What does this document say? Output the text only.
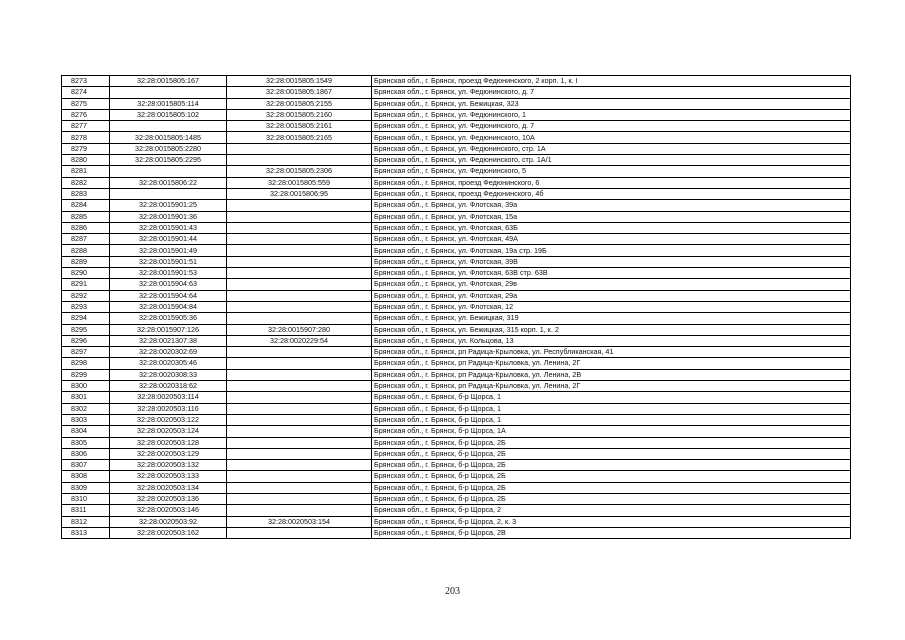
8273	32:28:0015805:167	32:28:0015805:1549	Брянская обл., г. Брянск, проезд Федюнинского, 2 корп. 1, к. I
8274		32:28:0015805:1867	Брянская обл., г. Брянск, ул. Федюнинского, д. 7
8275	32:28:0015805:114	32:28:0015805:2155	Брянская обл., г. Брянск, ул. Бежицкая, 323
8276	32:28:0015805:102	32:28:0015805:2160	Брянская обл., г. Брянск, ул. Федюнинского, 1
8277		32:28:0015805:2161	Брянская обл., г. Брянск, ул. Федюнинского, д. 7
8278	32:28:0015805:1485	32:28:0015805:2165	Брянская обл., г. Брянск, ул. Федюнинского, 10А
8279	32:28:0015805:2280		Брянская обл., г. Брянск, ул. Федюнинского, стр. 1А
8280	32:28:0015805:2295		Брянская обл., г. Брянск, ул. Федюнинского, стр. 1А/1
8281		32:28:0015805:2306	Брянская обл., г. Брянск, ул. Федюнинского, 5
8282	32:28:0015806:22	32:28:0015805:559	Брянская обл., г. Брянск, проезд Федюнинского, 6
8283		32:28:0015806:95	Брянская обл., г. Брянск, проезд Федюнинского, 4б
8284	32:28:0015901:25		Брянская обл., г. Брянск, ул. Флотская, 39а
8285	32:28:0015901:36		Брянская обл., г. Брянск, ул. Флотская, 15а
8286	32:28:0015901:43		Брянская обл., г. Брянск, ул. Флотская, 63Б
8287	32:28:0015901:44		Брянская обл., г. Брянск, ул. Флотская, 49А
8288	32:28:0015901:49		Брянская обл., г. Брянск, ул. Флотская, 19а стр. 19Б
8289	32:28:0015901:51		Брянская обл., г. Брянск, ул. Флотская, 39В
8290	32:28:0015901:53		Брянская обл., г. Брянск, ул. Флотская, 63В стр. 63В
8291	32:28:0015904:63		Брянская обл., г. Брянск, ул. Флотская, 29в
8292	32:28:0015904:64		Брянская обл., г. Брянск, ул. Флотская, 29а
8293	32:28:0015904:84		Брянская обл., г. Брянск, ул. Флотская, 12
8294	32:28:0015905:36		Брянская обл., г. Брянск, ул. Бежицкая, 319
8295	32:28:0015907:126	32:28:0015907:280	Брянская обл., г. Брянск, ул. Бежицкая, 315 корп. 1, к. 2
8296	32:28:0021307:38	32:28:0020229:54	Брянская обл., г. Брянск, ул. Кольцова, 13
8297	32:28:0020302:69		Брянская обл., г. Брянск, рп Радица-Крыловка, ул. Республиканская, 41
8298	32:28:0020305:46		Брянская обл., г. Брянск, рп Радица-Крыловка, ул. Ленина, 2Г
8299	32:28:0020308:33		Брянская обл., г. Брянск, рп Радица-Крыловка, ул. Ленина, 2В
8300	32:28:0020318:62		Брянская обл., г. Брянск, рп Радица-Крыловка, ул. Ленина, 2Г
8301	32:28:0020503:114		Брянская обл., г. Брянск, б-р Щорса, 1
8302	32:28:0020503:116		Брянская обл., г. Брянск, б-р Щорса, 1
8303	32:28:0020503:122		Брянская обл., г. Брянск, б-р Щорса, 1
8304	32:28:0020503:124		Брянская обл., г. Брянск, б-р Щорса, 1А
8305	32:28:0020503:128		Брянская обл., г. Брянск, б-р Щорса, 2Б
8306	32:28:0020503:129		Брянская обл., г. Брянск, б-р Щорса, 2Б
8307	32:28:0020503:132		Брянская обл., г. Брянск, б-р Щорса, 2Б
8308	32:28:0020503:133		Брянская обл., г. Брянск, б-р Щорса, 2Б
8309	32:28:0020503:134		Брянская обл., г. Брянск, б-р Щорса, 2Б
8310	32:28:0020503:136		Брянская обл., г. Брянск, б-р Щорса, 2Б
8311	32:28:0020503:146		Брянская обл., г. Брянск, б-р Щорса, 2
8312	32:28:0020503:92	32:28:0020503:154	Брянская обл., г. Брянск, б-р Щорса, 2, к. 3
8313	32:28:0020503:162		Брянская обл., г. Брянск, б-р Щорса, 2В
203
